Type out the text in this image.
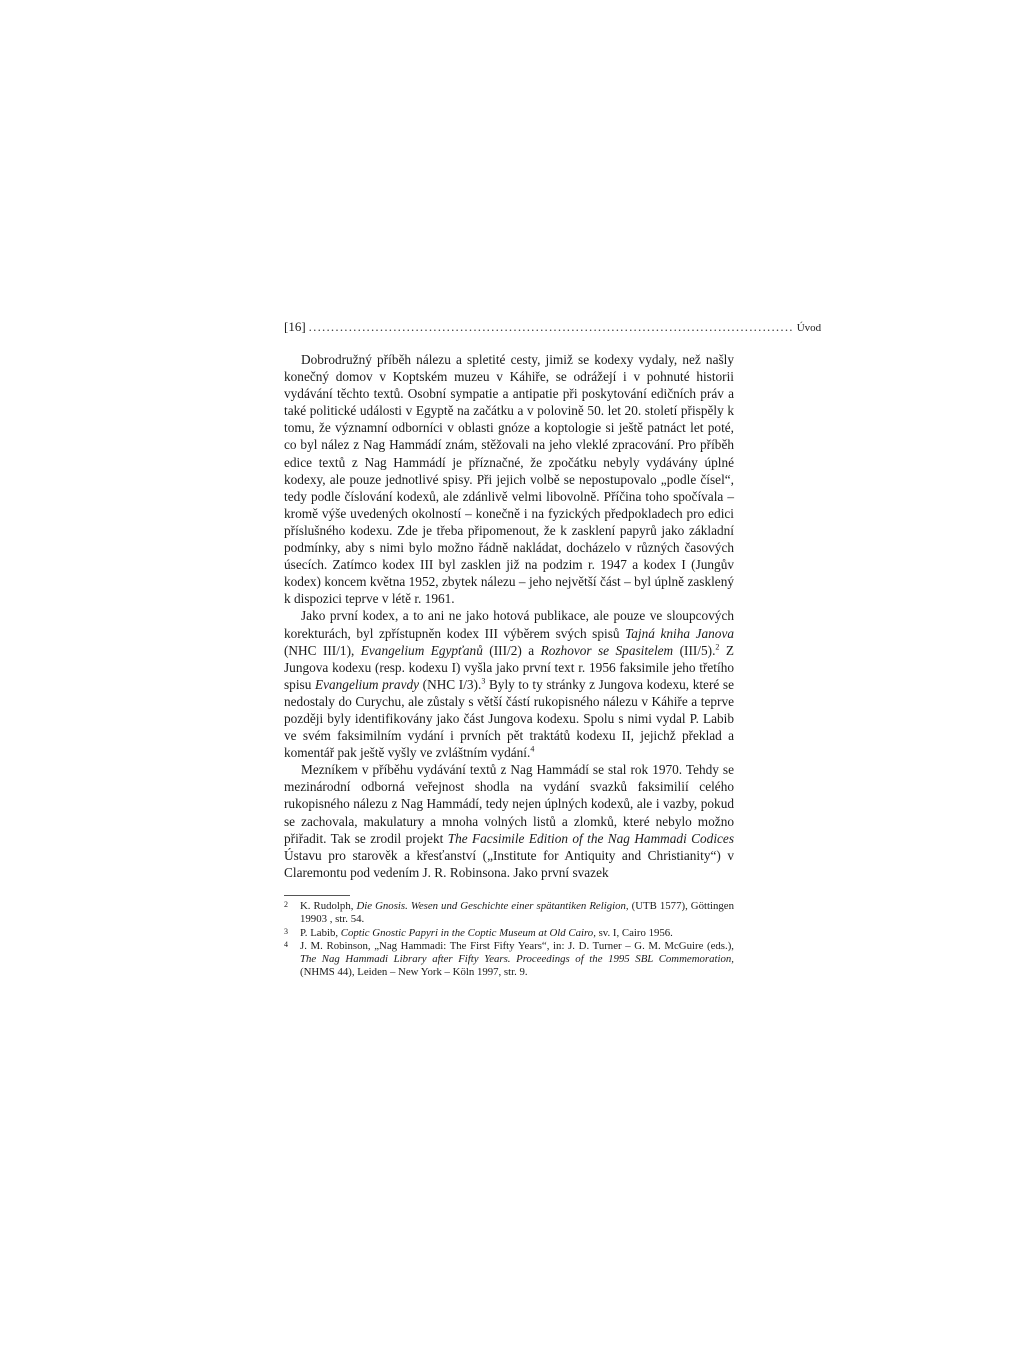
[16] ............................................................................................................. Úvod

Dobrodružný příběh nálezu a spletité cesty, jimiž se kodexy vydaly, než našly konečný domov v Koptském muzeu v Káhiře, se odrážejí i v pohnuté historii vydávání těchto textů. Osobní sympatie a antipatie při poskytování edičních práv a také politické události v Egyptě na začátku a v polovině 50. let 20. století přispěly k tomu, že významní odborníci v oblasti gnóze a koptologie si ještě patnáct let poté, co byl nález z Nag Hammádí znám, stěžovali na jeho vleklé zpracování. Pro příběh edice textů z Nag Hammádí je příznačné, že zpočátku nebyly vydávány úplné kodexy, ale pouze jednotlivé spisy. Při jejich volbě se nepostupovalo „podle čísel“, tedy podle číslování kodexů, ale zdánlivě velmi libovolně. Příčina toho spočívala – kromě výše uvedených okolností – konečně i na fyzických předpokladech pro edici příslušného kodexu. Zde je třeba připomenout, že k zasklení papyrů jako základní podmínky, aby s nimi bylo možno řádně nakládat, docházelo v různých časových úsecích. Zatímco kodex III byl zasklen již na podzim r. 1947 a kodex I (Jungův kodex) koncem května 1952, zbytek nálezu – jeho největší část – byl úplně zasklený k dispozici teprve v létě r. 1961.

Jako první kodex, a to ani ne jako hotová publikace, ale pouze ve sloupcových korekturách, byl zpřístupněn kodex III výběrem svých spisů Tajná kniha Janova (NHC III/1), Evangelium Egypťanů (III/2) a Rozhovor se Spasitelem (III/5).$^2$ Z Jungova kodexu (resp. kodexu I) vyšla jako první text r. 1956 faksimile jeho třetího spisu Evangelium pravdy (NHC I/3).$^3$ Byly to ty stránky z Jungova kodexu, které se nedostaly do Curychu, ale zůstaly s větší částí rukopisného nálezu v Káhiře a teprve později byly identifikovány jako část Jungova kodexu. Spolu s nimi vydal P. Labib ve svém faksimilním vydání i prvních pět traktátů kodexu II, jejichž překlad a komentář pak ještě vyšly ve zvláštním vydání.$^4$

Mezníkem v příběhu vydávání textů z Nag Hammádí se stal rok 1970. Tehdy se mezinárodní odborná veřejnost shodla na vydání svazků faksimilií celého rukopisného nálezu z Nag Hammádí, tedy nejen úplných kodexů, ale i vazby, pokud se zachovala, makulatury a mnoha volných listů a zlomků, které nebylo možno přiřadit. Tak se zrodil projekt The Facsimile Edition of the Nag Hammadi Codices Ústavu pro starověk a křesťanství („Institute for Antiquity and Christianity“) v Claremontu pod vedením J. R. Robinsona. Jako první svazek

2 K. Rudolph, Die Gnosis. Wesen und Geschichte einer spätantiken Religion, (UTB 1577), Göttingen 19903 , str. 54.

3 P. Labib, Coptic Gnostic Papyri in the Coptic Museum at Old Cairo, sv. I, Cairo 1956.

4 J. M. Robinson, „Nag Hammadi: The First Fifty Years“, in: J. D. Turner – G. M. McGuire (eds.), The Nag Hammadi Library after Fifty Years. Proceedings of the 1995 SBL Commemoration, (NHMS 44), Leiden – New York – Köln 1997, str. 9.
